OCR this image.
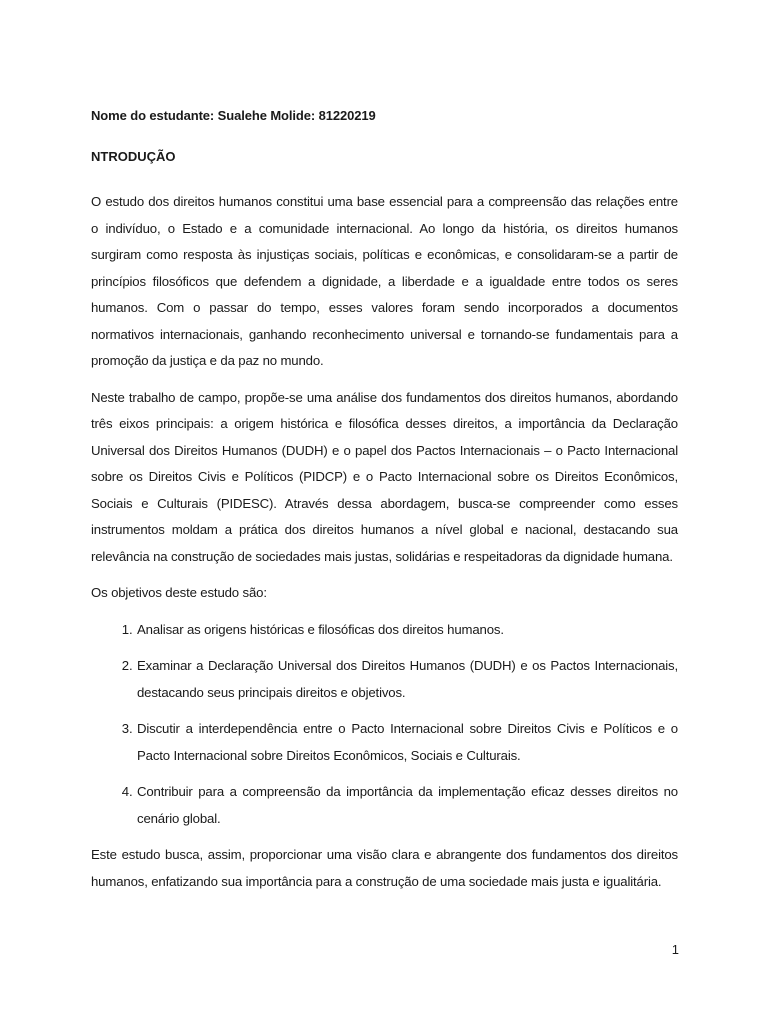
Nome do estudante: Sualehe Molide: 81220219
NTRODUÇÃO

O estudo dos direitos humanos constitui uma base essencial para a compreensão das relações entre o indivíduo, o Estado e a comunidade internacional. Ao longo da história, os direitos humanos surgiram como resposta às injustiças sociais, políticas e econômicas, e consolidaram-se a partir de princípios filosóficos que defendem a dignidade, a liberdade e a igualdade entre todos os seres humanos. Com o passar do tempo, esses valores foram sendo incorporados a documentos normativos internacionais, ganhando reconhecimento universal e tornando-se fundamentais para a promoção da justiça e da paz no mundo.

Neste trabalho de campo, propõe-se uma análise dos fundamentos dos direitos humanos, abordando três eixos principais: a origem histórica e filosófica desses direitos, a importância da Declaração Universal dos Direitos Humanos (DUDH) e o papel dos Pactos Internacionais – o Pacto Internacional sobre os Direitos Civis e Políticos (PIDCP) e o Pacto Internacional sobre os Direitos Econômicos, Sociais e Culturais (PIDESC). Através dessa abordagem, busca-se compreender como esses instrumentos moldam a prática dos direitos humanos a nível global e nacional, destacando sua relevância na construção de sociedades mais justas, solidárias e respeitadoras da dignidade humana.

Os objetivos deste estudo são:

1. Analisar as origens históricas e filosóficas dos direitos humanos.
2. Examinar a Declaração Universal dos Direitos Humanos (DUDH) e os Pactos Internacionais, destacando seus principais direitos e objetivos.
3. Discutir a interdependência entre o Pacto Internacional sobre Direitos Civis e Políticos e o Pacto Internacional sobre Direitos Econômicos, Sociais e Culturais.
4. Contribuir para a compreensão da importância da implementação eficaz desses direitos no cenário global.

Este estudo busca, assim, proporcionar uma visão clara e abrangente dos fundamentos dos direitos humanos, enfatizando sua importância para a construção de uma sociedade mais justa e igualitária.

1
